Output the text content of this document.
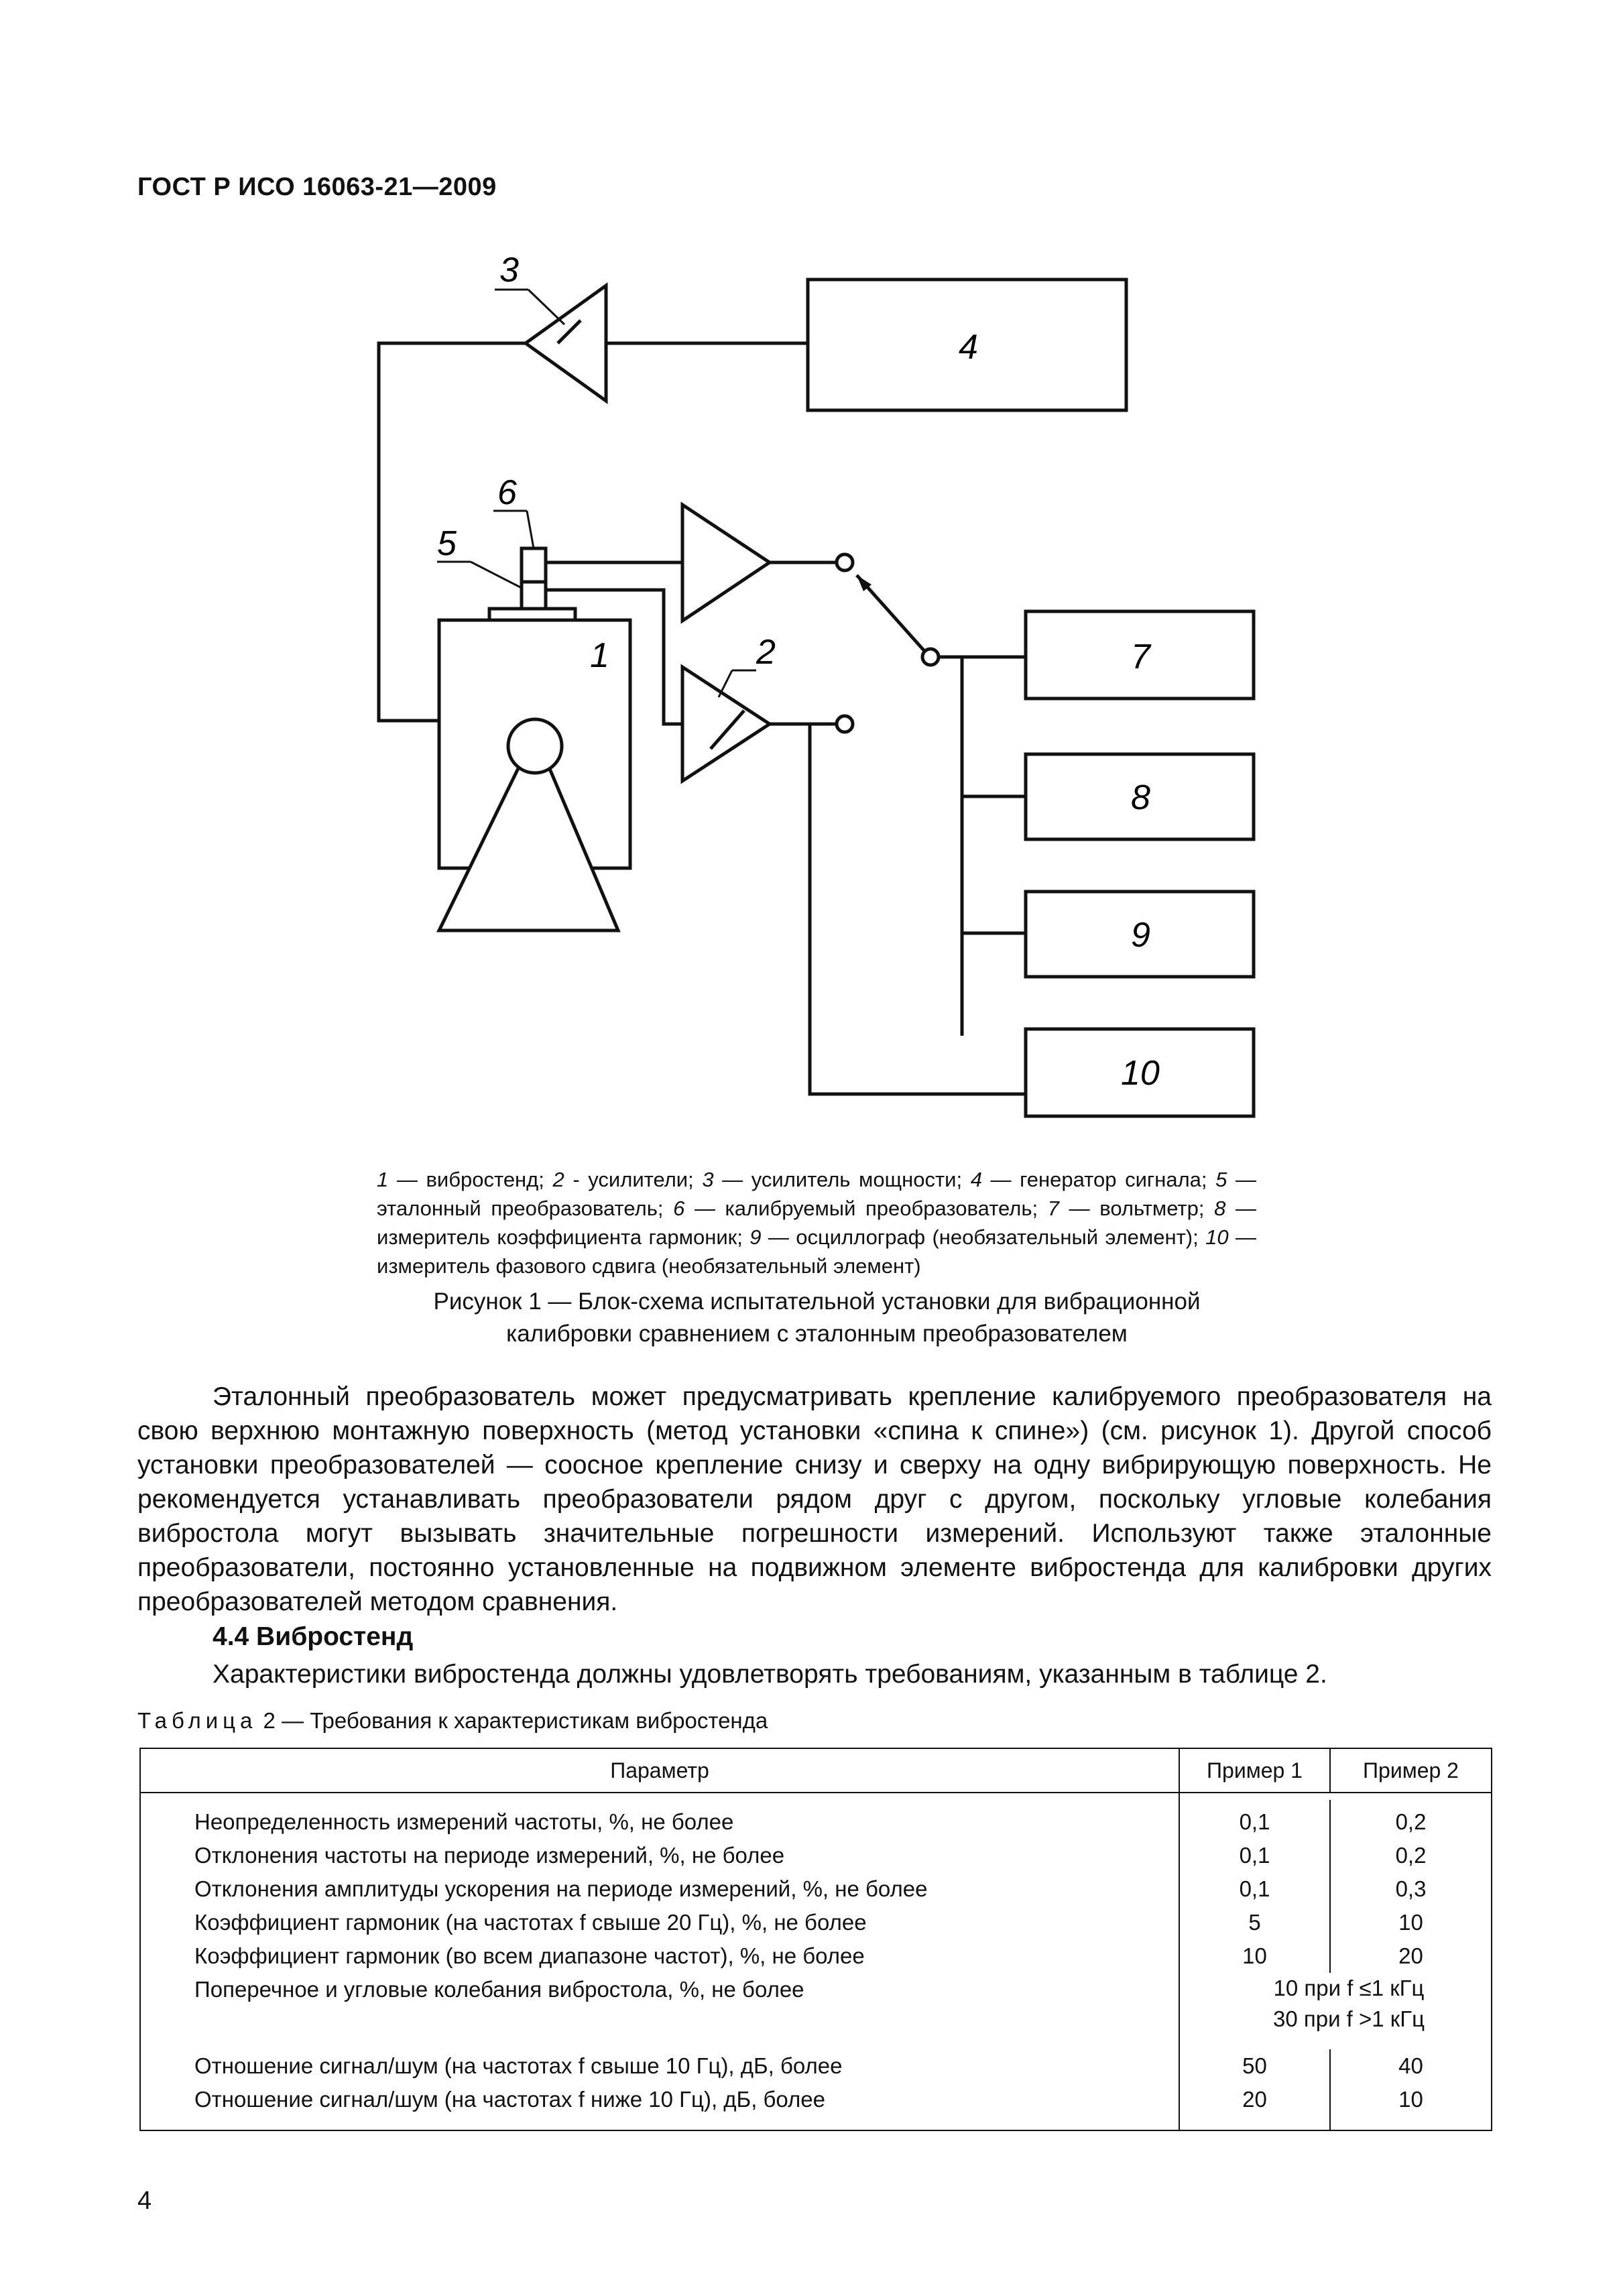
ГОСТ Р ИСО 16063-21—2009
3
4
6
5
1	2	7
8
9
10
1 — вибростенд; 2 - усилители; 3 — усилитель мощности; 4 — генератор сигнала; 5 — эталонный преобразователь; 6 — калибруемый преобразователь; 7 — вольтметр; 8 — измеритель коэффициента гармоник; 9 — осциллограф (необязательный элемент); 10 — измеритель фазового сдвига (необязательный элемент)
Рисунок 1 — Блок-схема испытательной установки для вибрационной
калибровки сравнением с эталонным преобразователем

Эталонный преобразователь может предусматривать крепление калибруемого преобразователя на свою верхнюю монтажную поверхность (метод установки «спина к спине») (см. рисунок 1). Другой способ установки преобразователей — соосное крепление снизу и сверху на одну вибрирующую поверхность. Не рекомендуется устанавливать преобразователи рядом друг с другом, поскольку угловые колебания вибростола могут вызывать значительные погрешности измерений. Используют также эталонные преобразователи, постоянно установленные на подвижном элементе вибростенда для калибровки других преобразователей методом сравнения.

4.4 Вибростенд
Характеристики вибростенда должны удовлетворять требованиям, указанным в таблице 2.
Таблица 2 — Требования к характеристикам вибростенда
Параметр	Пример 1	Пример 2

Неопределенность измерений частоты, %, не более	0,1	0,2
Отклонения частоты на периоде измерений, %, не более	0,1	0,2
Отклонения амплитуды ускорения на периоде измерений, %, не более	0,1	0,3
Коэффициент гармоник (на частотах f свыше 20 Гц), %, не более	5	10
Коэффициент гармоник (во всем диапазоне частот), %, не более	10	20
Поперечное и угловые колебания вибростола, %, не более	10 при f ≤1 кГц
30 при f >1 кГц	

Отношение сигнал/шум (на частотах f свыше 10 Гц), дБ, более	50	40
Отношение сигнал/шум (на частотах f ниже 10 Гц), дБ, более	20	10
4
